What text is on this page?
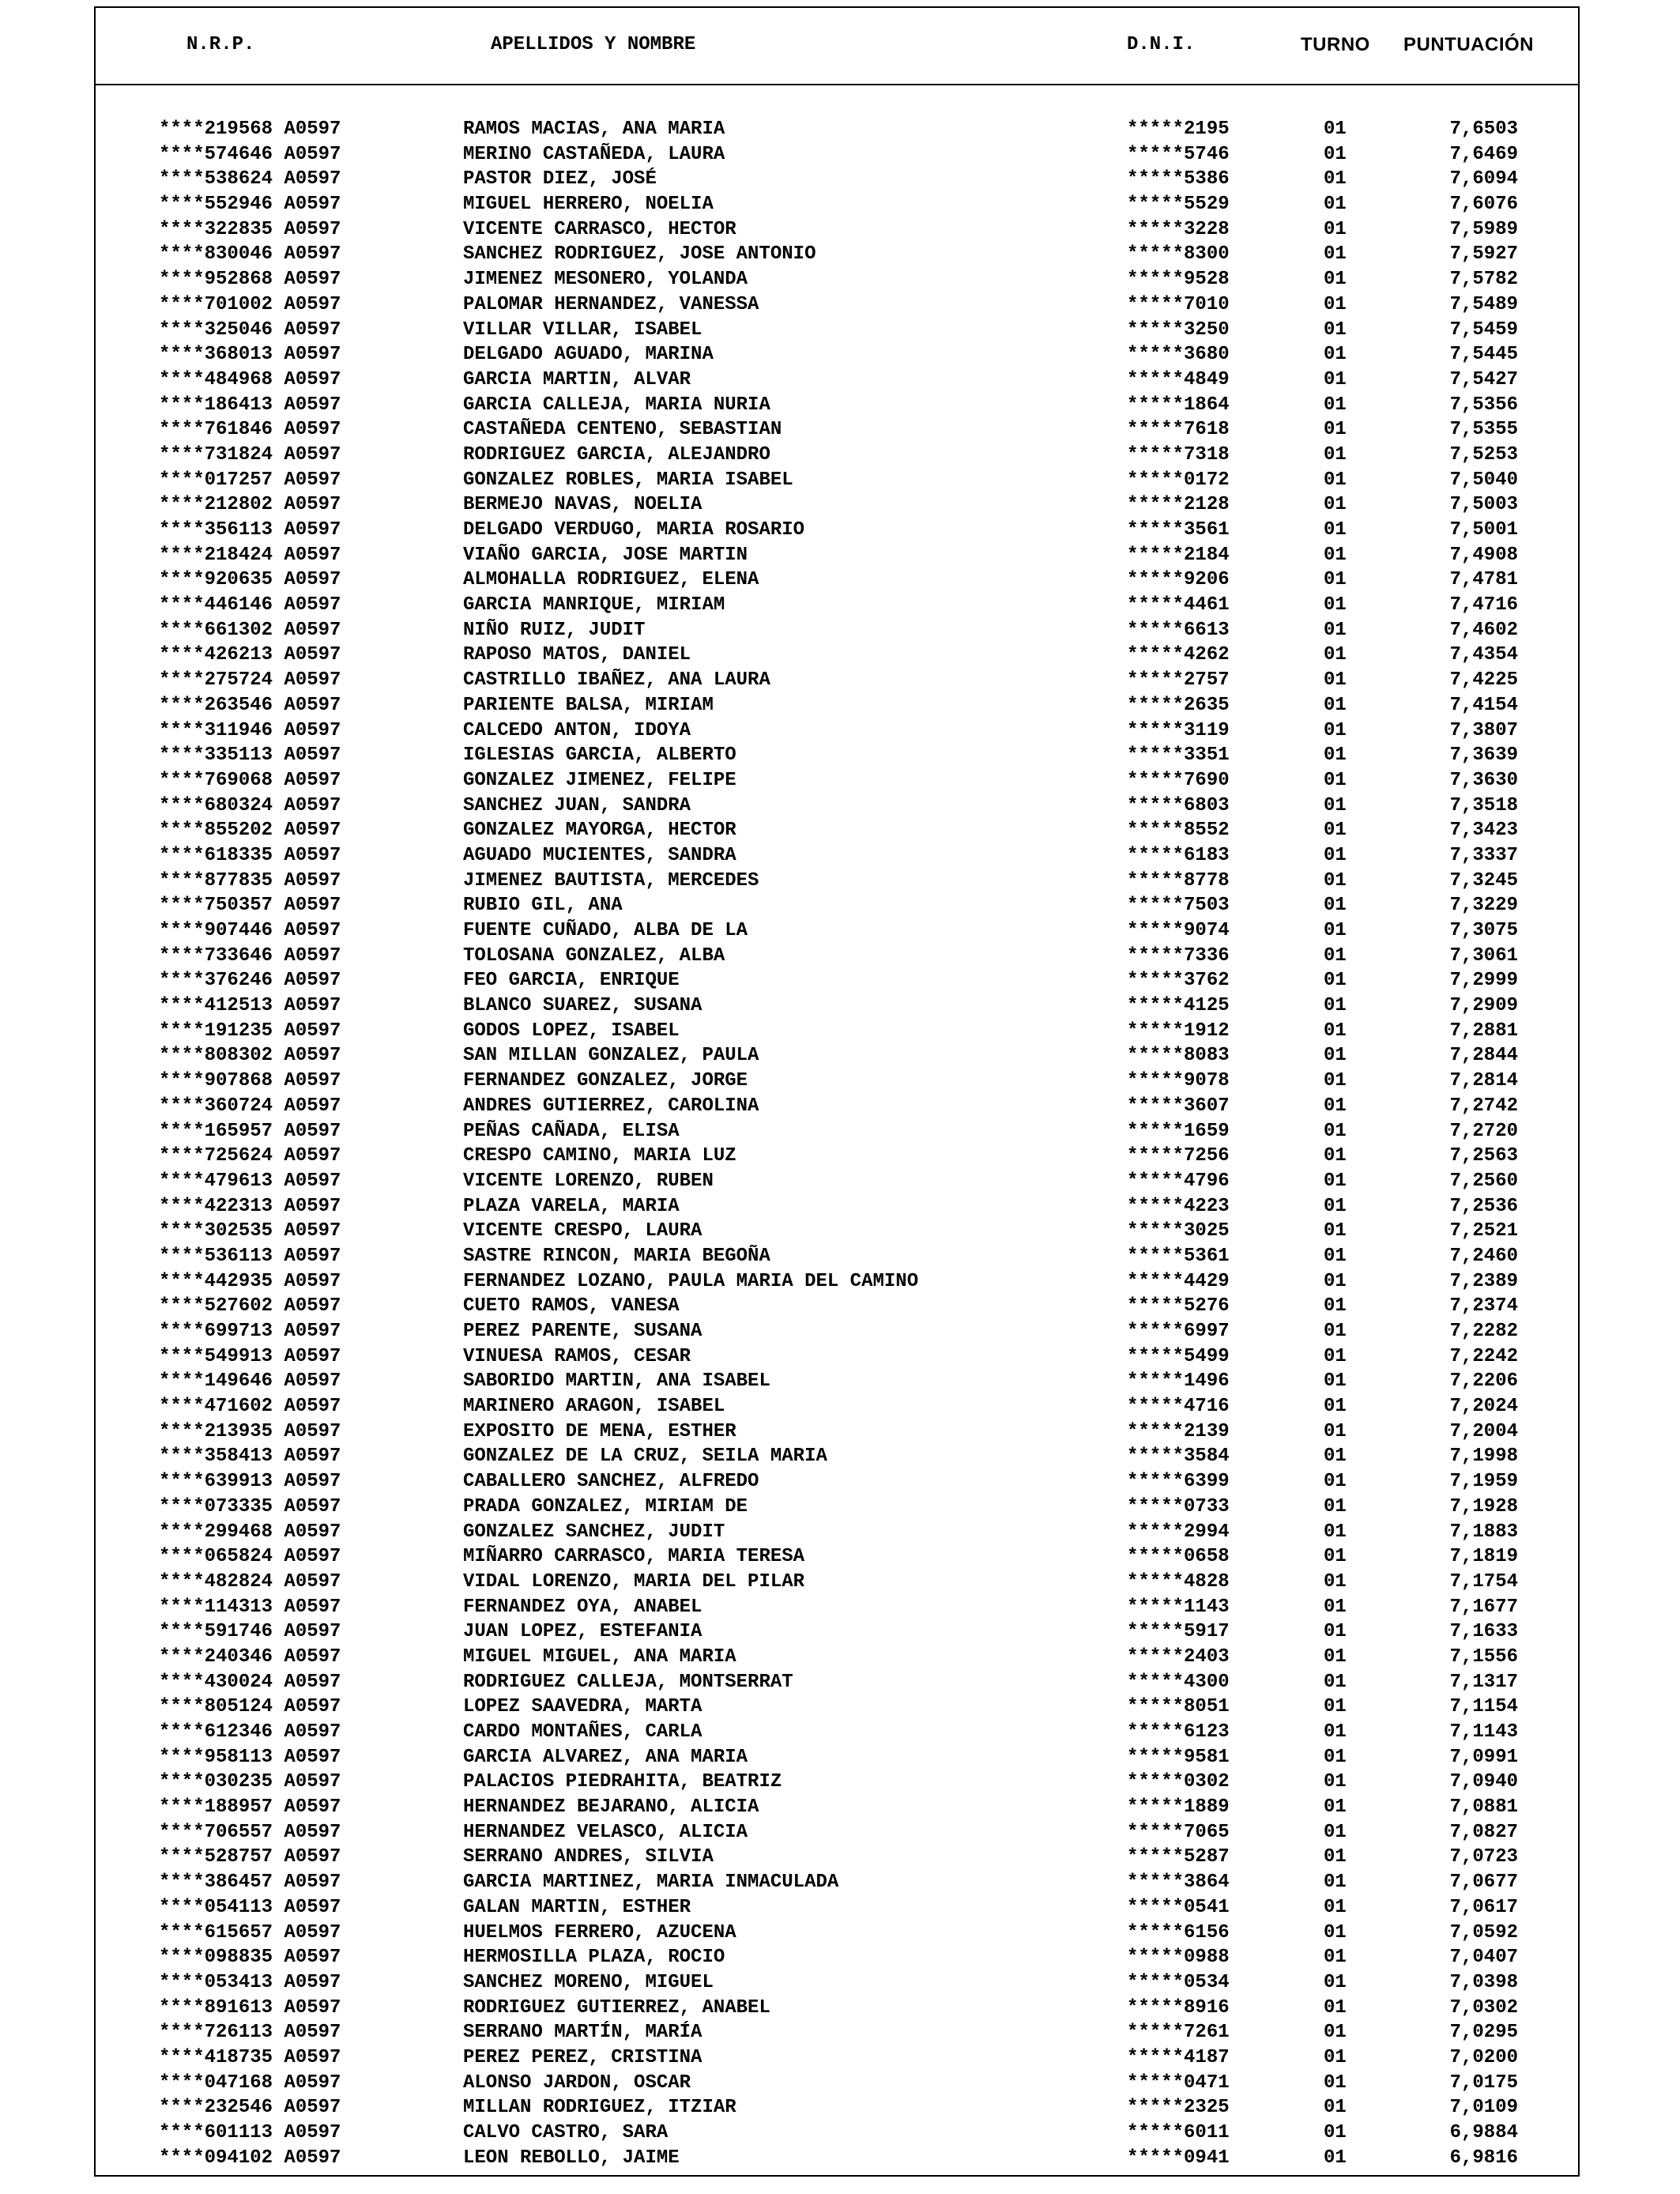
N.R.P.	APELLIDOS Y NOMBRE	D.N.I.	TURNO PUNTUACIÓN
****219568 A0597	RAMOS MACIAS, ANA MARIA	*****2195	01	7,6503
****574646 A0597	MERINO CASTAÑEDA, LAURA	*****5746	01	7,6469
****538624 A0597	PASTOR DIEZ, JOSÉ	*****5386	01	7,6094
****552946 A0597	MIGUEL HERRERO, NOELIA	*****5529	01	7,6076
****322835 A0597	VICENTE CARRASCO, HECTOR	*****3228	01	7,5989
****830046 A0597	SANCHEZ RODRIGUEZ, JOSE ANTONIO	*****8300	01	7,5927
****952868 A0597	JIMENEZ MESONERO, YOLANDA	*****9528	01	7,5782
****701002 A0597	PALOMAR HERNANDEZ, VANESSA	*****7010	01	7,5489
****325046 A0597	VILLAR VILLAR, ISABEL	*****3250	01	7,5459
****368013 A0597	DELGADO AGUADO, MARINA	*****3680	01	7,5445
****484968 A0597	GARCIA MARTIN, ALVAR	*****4849	01	7,5427
****186413 A0597	GARCIA CALLEJA, MARIA NURIA	*****1864	01	7,5356
****761846 A0597	CASTAÑEDA CENTENO, SEBASTIAN	*****7618	01	7,5355
****731824 A0597	RODRIGUEZ GARCIA, ALEJANDRO	*****7318	01	7,5253
****017257 A0597	GONZALEZ ROBLES, MARIA ISABEL	*****0172	01	7,5040
****212802 A0597	BERMEJO NAVAS, NOELIA	*****2128	01	7,5003
****356113 A0597	DELGADO VERDUGO, MARIA ROSARIO	*****3561	01	7,5001
****218424 A0597	VIAÑO GARCIA, JOSE MARTIN	*****2184	01	7,4908
****920635 A0597	ALMOHALLA RODRIGUEZ, ELENA	*****9206	01	7,4781
****446146 A0597	GARCIA MANRIQUE, MIRIAM	*****4461	01	7,4716
****661302 A0597	NIÑO RUIZ, JUDIT	*****6613	01	7,4602
****426213 A0597	RAPOSO MATOS, DANIEL	*****4262	01	7,4354
****275724 A0597	CASTRILLO IBAÑEZ, ANA LAURA	*****2757	01	7,4225
****263546 A0597	PARIENTE BALSA, MIRIAM	*****2635	01	7,4154
****311946 A0597	CALCEDO ANTON, IDOYA	*****3119	01	7,3807
****335113 A0597	IGLESIAS GARCIA, ALBERTO	*****3351	01	7,3639
****769068 A0597	GONZALEZ JIMENEZ, FELIPE	*****7690	01	7,3630
****680324 A0597	SANCHEZ JUAN, SANDRA	*****6803	01	7,3518
****855202 A0597	GONZALEZ MAYORGA, HECTOR	*****8552	01	7,3423
****618335 A0597	AGUADO MUCIENTES, SANDRA	*****6183	01	7,3337
****877835 A0597	JIMENEZ BAUTISTA, MERCEDES	*****8778	01	7,3245
****750357 A0597	RUBIO GIL, ANA	*****7503	01	7,3229
****907446 A0597	FUENTE CUÑADO, ALBA DE LA	*****9074	01	7,3075
****733646 A0597	TOLOSANA GONZALEZ, ALBA	*****7336	01	7,3061
****376246 A0597	FEO GARCIA, ENRIQUE	*****3762	01	7,2999
****412513 A0597	BLANCO SUAREZ, SUSANA	*****4125	01	7,2909
****191235 A0597	GODOS LOPEZ, ISABEL	*****1912	01	7,2881
****808302 A0597	SAN MILLAN GONZALEZ, PAULA	*****8083	01	7,2844
****907868 A0597	FERNANDEZ GONZALEZ, JORGE	*****9078	01	7,2814
****360724 A0597	ANDRES GUTIERREZ, CAROLINA	*****3607	01	7,2742
****165957 A0597	PEÑAS CAÑADA, ELISA	*****1659	01	7,2720
****725624 A0597	CRESPO CAMINO, MARIA LUZ	*****7256	01	7,2563
****479613 A0597	VICENTE LORENZO, RUBEN	*****4796	01	7,2560
****422313 A0597	PLAZA VARELA, MARIA	*****4223	01	7,2536
****302535 A0597	VICENTE CRESPO, LAURA	*****3025	01	7,2521
****536113 A0597	SASTRE RINCON, MARIA BEGOÑA	*****5361	01	7,2460
****442935 A0597	FERNANDEZ LOZANO, PAULA MARIA DEL CAMINO	*****4429	01	7,2389
****527602 A0597	CUETO RAMOS, VANESA	*****5276	01	7,2374
****699713 A0597	PEREZ PARENTE, SUSANA	*****6997	01	7,2282
****549913 A0597	VINUESA RAMOS, CESAR	*****5499	01	7,2242
****149646 A0597	SABORIDO MARTIN, ANA ISABEL	*****1496	01	7,2206
****471602 A0597	MARINERO ARAGON, ISABEL	*****4716	01	7,2024
****213935 A0597	EXPOSITO DE MENA, ESTHER	*****2139	01	7,2004
****358413 A0597	GONZALEZ DE LA CRUZ, SEILA MARIA	*****3584	01	7,1998
****639913 A0597	CABALLERO SANCHEZ, ALFREDO	*****6399	01	7,1959
****073335 A0597	PRADA GONZALEZ, MIRIAM DE	*****0733	01	7,1928
****299468 A0597	GONZALEZ SANCHEZ, JUDIT	*****2994	01	7,1883
****065824 A0597	MIÑARRO CARRASCO, MARIA TERESA	*****0658	01	7,1819
****482824 A0597	VIDAL LORENZO, MARIA DEL PILAR	*****4828	01	7,1754
****114313 A0597	FERNANDEZ OYA, ANABEL	*****1143	01	7,1677
****591746 A0597	JUAN LOPEZ, ESTEFANIA	*****5917	01	7,1633
****240346 A0597	MIGUEL MIGUEL, ANA MARIA	*****2403	01	7,1556
****430024 A0597	RODRIGUEZ CALLEJA, MONTSERRAT	*****4300	01	7,1317
****805124 A0597	LOPEZ SAAVEDRA, MARTA	*****8051	01	7,1154
****612346 A0597	CARDO MONTAÑES, CARLA	*****6123	01	7,1143
****958113 A0597	GARCIA ALVAREZ, ANA MARIA	*****9581	01	7,0991
****030235 A0597	PALACIOS PIEDRAHITA, BEATRIZ	*****0302	01	7,0940
****188957 A0597	HERNANDEZ BEJARANO, ALICIA	*****1889	01	7,0881
****706557 A0597	HERNANDEZ VELASCO, ALICIA	*****7065	01	7,0827
****528757 A0597	SERRANO ANDRES, SILVIA	*****5287	01	7,0723
****386457 A0597	GARCIA MARTINEZ, MARIA INMACULADA	*****3864	01	7,0677
****054113 A0597	GALAN MARTIN, ESTHER	*****0541	01	7,0617
****615657 A0597	HUELMOS FERRERO, AZUCENA	*****6156	01	7,0592
****098835 A0597	HERMOSILLA PLAZA, ROCIO	*****0988	01	7,0407
****053413 A0597	SANCHEZ MORENO, MIGUEL	*****0534	01	7,0398
****891613 A0597	RODRIGUEZ GUTIERREZ, ANABEL	*****8916	01	7,0302
****726113 A0597	SERRANO MARTÍN, MARÍA	*****7261	01	7,0295
****418735 A0597	PEREZ PEREZ, CRISTINA	*****4187	01	7,0200
****047168 A0597	ALONSO JARDON, OSCAR	*****0471	01	7,0175
****232546 A0597	MILLAN RODRIGUEZ, ITZIAR	*****2325	01	7,0109
****601113 A0597	CALVO CASTRO, SARA	*****6011	01	6,9884
****094102 A0597	LEON REBOLLO, JAIME	*****0941	01	6,9816
